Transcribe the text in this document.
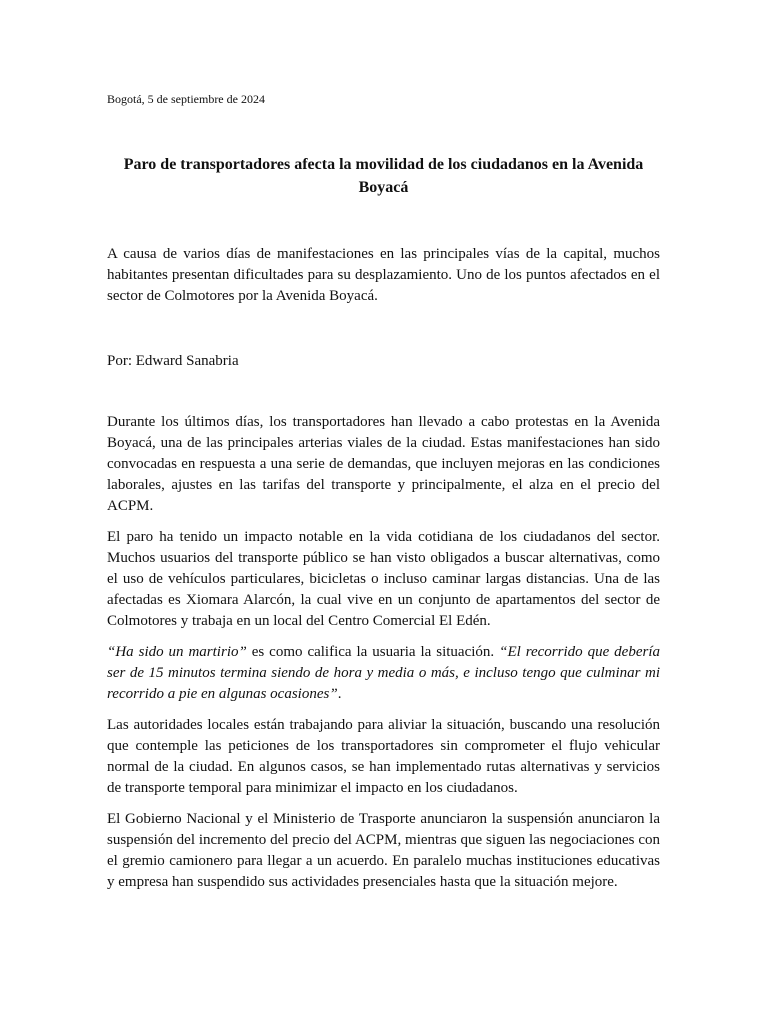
Bogotá, 5 de septiembre de 2024
Paro de transportadores afecta la movilidad de los ciudadanos en la Avenida Boyacá

A causa de varios días de manifestaciones en las principales vías de la capital, muchos habitantes presentan dificultades para su desplazamiento. Uno de los puntos afectados en el sector de Colmotores por la Avenida Boyacá.

Por: Edward Sanabria

Durante los últimos días, los transportadores han llevado a cabo protestas en la Avenida Boyacá, una de las principales arterias viales de la ciudad. Estas manifestaciones han sido convocadas en respuesta a una serie de demandas, que incluyen mejoras en las condiciones laborales, ajustes en las tarifas del transporte y principalmente, el alza en el precio del ACPM.

El paro ha tenido un impacto notable en la vida cotidiana de los ciudadanos del sector. Muchos usuarios del transporte público se han visto obligados a buscar alternativas, como el uso de vehículos particulares, bicicletas o incluso caminar largas distancias. Una de las afectadas es Xiomara Alarcón, la cual vive en un conjunto de apartamentos del sector de Colmotores y trabaja en un local del Centro Comercial El Edén.

“Ha sido un martirio” es como califica la usuaria la situación. “El recorrido que debería ser de 15 minutos termina siendo de hora y media o más, e incluso tengo que culminar mi recorrido a pie en algunas ocasiones”.

Las autoridades locales están trabajando para aliviar la situación, buscando una resolución que contemple las peticiones de los transportadores sin comprometer el flujo vehicular normal de la ciudad. En algunos casos, se han implementado rutas alternativas y servicios de transporte temporal para minimizar el impacto en los ciudadanos.

El Gobierno Nacional y el Ministerio de Trasporte anunciaron la suspensión anunciaron la suspensión del incremento del precio del ACPM, mientras que siguen las negociaciones con el gremio camionero para llegar a un acuerdo. En paralelo muchas instituciones educativas y empresa han suspendido sus actividades presenciales hasta que la situación mejore.
